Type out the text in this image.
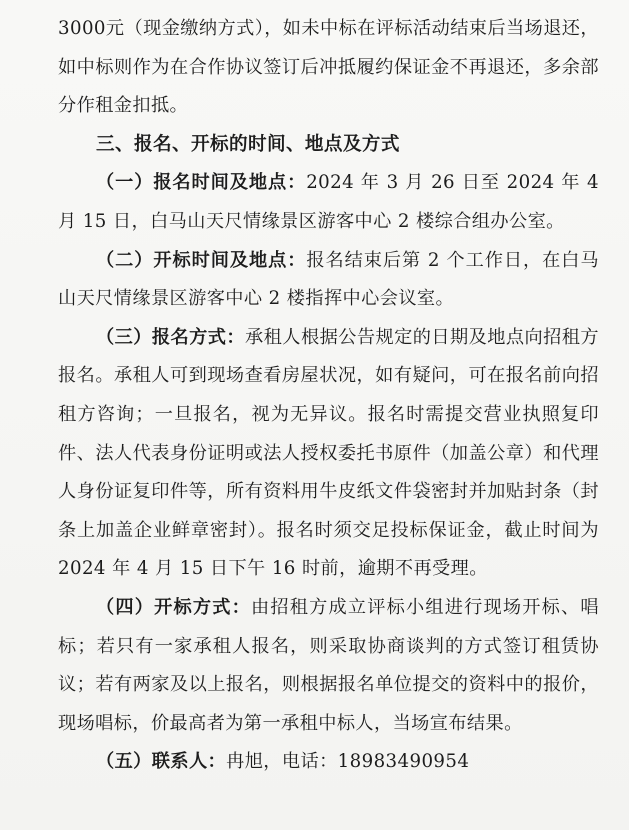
3000元（现金缴纳方式），如未中标在评标活动结束后当场退还，如中标则作为在合作协议签订后冲抵履约保证金不再退还，多余部分作租金扣抵。

三、报名、开标的时间、地点及方式

（一）报名时间及地点：2024 年 3 月 26 日至 2024 年 4 月 15 日，白马山天尺情缘景区游客中心 2 楼综合组办公室。

（二）开标时间及地点：报名结束后第 2 个工作日，在白马山天尺情缘景区游客中心 2 楼指挥中心会议室。

（三）报名方式：承租人根据公告规定的日期及地点向招租方报名。承租人可到现场查看房屋状况，如有疑问，可在报名前向招租方咨询；一旦报名，视为无异议。报名时需提交营业执照复印件、法人代表身份证明或法人授权委托书原件（加盖公章）和代理人身份证复印件等，所有资料用牛皮纸文件袋密封并加贴封条（封条上加盖企业鲜章密封）。报名时须交足投标保证金，截止时间为 2024 年 4 月 15 日下午 16 时前，逾期不再受理。

（四）开标方式：由招租方成立评标小组进行现场开标、唱标；若只有一家承租人报名，则采取协商谈判的方式签订租赁协议；若有两家及以上报名，则根据报名单位提交的资料中的报价，现场唱标，价最高者为第一承租中标人，当场宣布结果。

（五）联系人：冉旭，电话：18983490954
